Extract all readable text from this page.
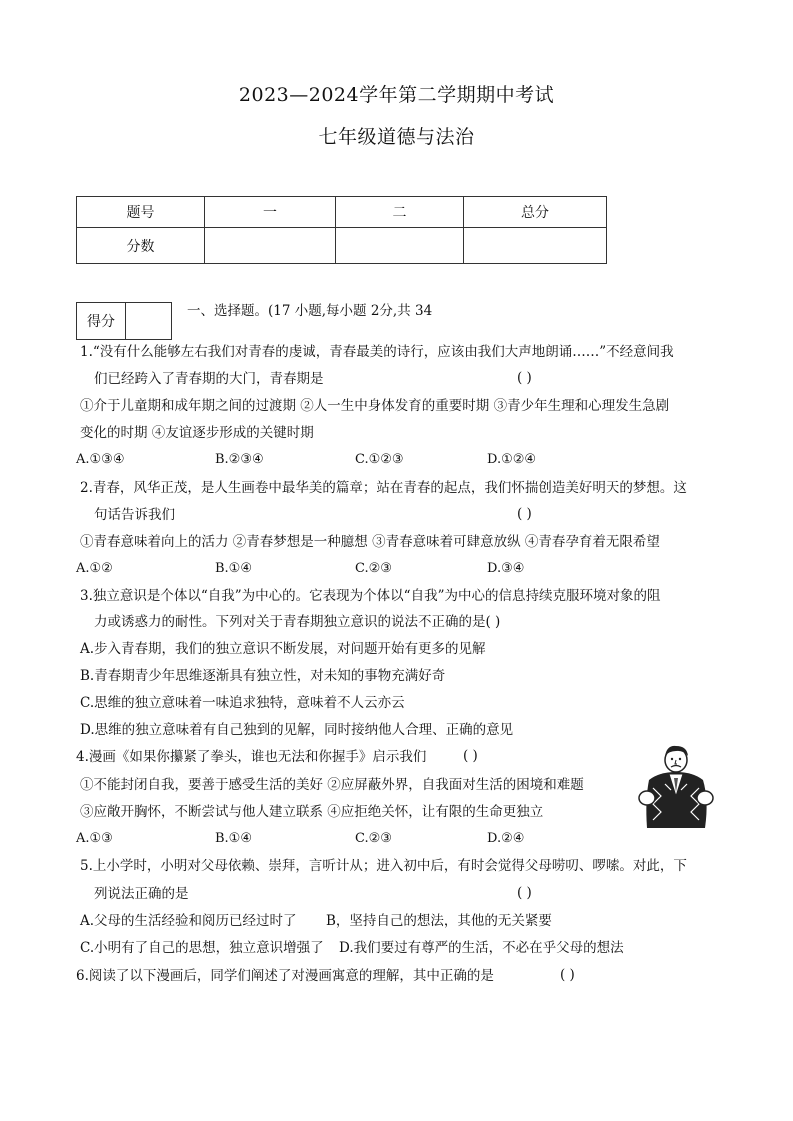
2023—2024学年第二学期期中考试
七年级道德与法治
题号	一	二	总分
分数			
得分
一、选择题。(17 小题,每小题 2分,共 34
1.“没有什么能够左右我们对青春的虔诚，青春最美的诗行，应该由我们大声地朗诵……”不经意间我
们已经跨入了青春期的大门，青春期是	( )
①介于儿童期和成年期之间的过渡期 ②人一生中身体发育的重要时期 ③青少年生理和心理发生急剧
变化的时期 ④友谊逐步形成的关键时期
A.①③④	B.②③④	C.①②③	D.①②④
2.青春，风华正茂，是人生画卷中最华美的篇章；站在青春的起点，我们怀揣创造美好明天的梦想。这
句话告诉我们	( )
①青春意味着向上的活力 ②青春梦想是一种臆想 ③青春意味着可肆意放纵 ④青春孕育着无限希望
A.①②	B.①④	C.②③	D.③④
3.独立意识是个体以“自我”为中心的。它表现为个体以“自我”为中心的信息持续克服环境对象的阻
力或诱惑力的耐性。下列对关于青春期独立意识的说法不正确的是( )
A.步入青春期，我们的独立意识不断发展，对问题开始有更多的见解
B.青春期青少年思维逐渐具有独立性，对未知的事物充满好奇
C.思维的独立意味着一味追求独特，意味着不人云亦云
D.思维的独立意味着有自己独到的见解，同时接纳他人合理、正确的意见
4.漫画《如果你攥紧了拳头，谁也无法和你握手》启示我们	( )
①不能封闭自我，要善于感受生活的美好 ②应屏蔽外界，自我面对生活的困境和难题
③应敞开胸怀，不断尝试与他人建立联系 ④应拒绝关怀，让有限的生命更独立
A.①③	B.①④	C.②③	D.②④
5.上小学时，小明对父母依赖、崇拜，言听计从；进入初中后，有时会觉得父母唠叨、啰嗦。对此，下
列说法正确的是	( )
A.父母的生活经验和阅历已经过时了 B，坚持自己的想法，其他的无关紧要
C.小明有了自己的思想，独立意识增强了 D.我们要过有尊严的生活，不必在乎父母的想法
6.阅读了以下漫画后，同学们阐述了对漫画寓意的理解，其中正确的是	( )
